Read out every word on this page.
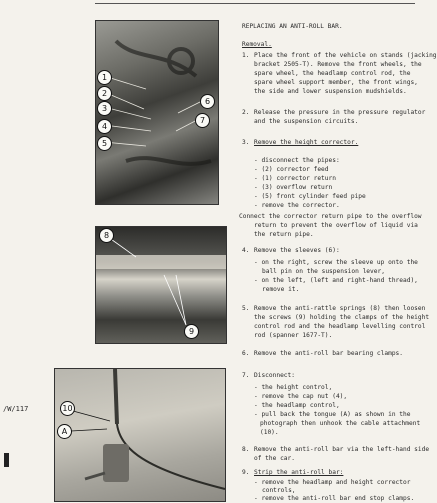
1
2
3
4
5
6
7
8
9
10
A
/W/117
REPLACING AN ANTI-ROLL BAR.
Removal.
1. Place the front of the vehicle on stands (jacking
bracket 2505-T). Remove the front wheels, the
spare wheel, the headlamp control rod, the
spare wheel support member, the front wings,
the side and lower suspension mudshields.
2. Release the pressure in the pressure regulator
and the suspension circuits.
3. Remove the height corrector.
- disconnect the pipes:
- (2) corrector feed
- (1) corrector return
- (3) overflow return
- (5) front cylinder feed pipe
- remove the corrector.
Connect the corrector return pipe to the overflow
return to prevent the overflow of liquid via
the return pipe.
4. Remove the sleeves (6):
- on the right, screw the sleeve up onto the
ball pin on the suspension lever,
- on the left, (left and right-hand thread),
remove it.
5. Remove the anti-rattle springs (8) then loosen
the screws (9) holding the clamps of the height
control rod and the headlamp levelling control
rod (spanner 1677-T).
6. Remove the anti-roll bar bearing clamps.
7. Disconnect:
- the height control,
- remove the cap nut (4),
- the headlamp control,
- pull back the tongue (A) as shown in the
photograph then unhook the cable attachment
(10).
8. Remove the anti-roll bar via the left-hand side
of the car.
9. Strip the anti-roll bar:
- remove the headlamp and height corrector
controls,
- remove the anti-roll bar end stop clamps.
